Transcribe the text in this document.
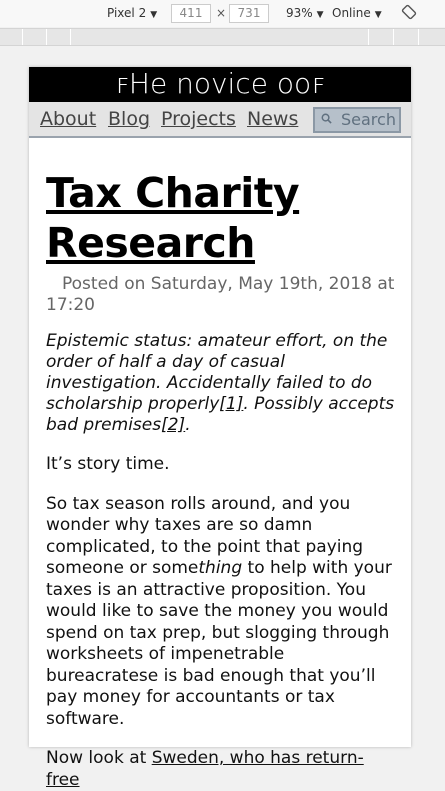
Pixel 2 ▼	411	× 731	93% ▼ Online ▼
ꜰHe novice ooꜰ
About Blog Projects News	Search
Tax Charity
Research
Posted on Saturday, May 19th, 2018 at 17:20
Epistemic status: amateur effort, on the order of half a day of casual investigation. Accidentally failed to do scholarship properly[1]. Possibly accepts bad premises[2].

It’s story time.

So tax season rolls around, and you wonder why taxes are so damn complicated, to the point that paying someone or something to help with your taxes is an attractive proposition. You would like to save the money you would spend on tax prep, but slogging through worksheets of impenetrable bureacratese is bad enough that you’ll pay money for accountants or tax software.

Now look at Sweden, who has return-free
